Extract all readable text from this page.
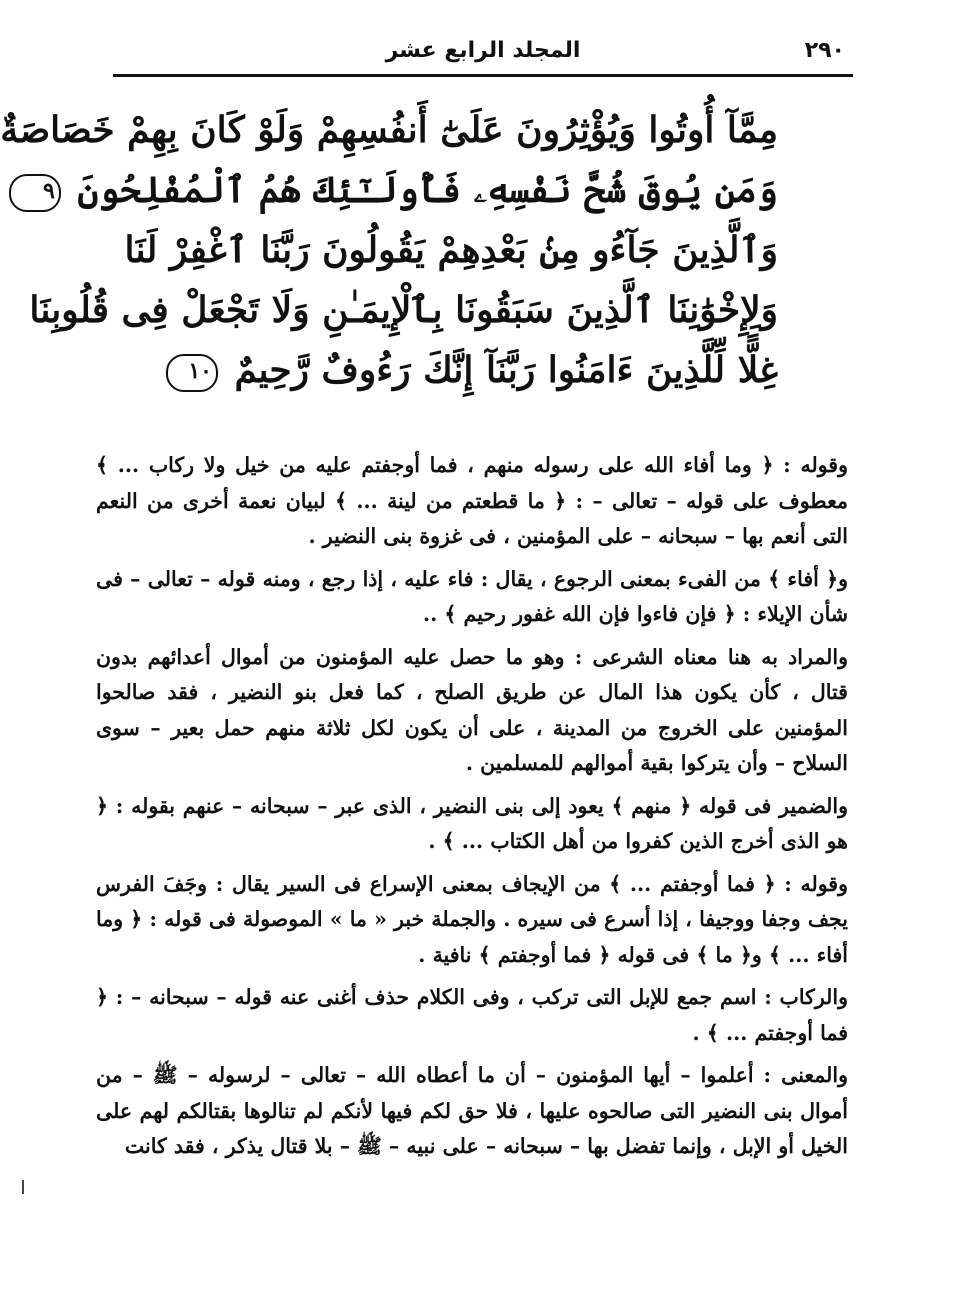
٢٩٠
المجلد الرابع عشر
مِمَّآ أُوتُوا وَيُؤْثِرُونَ عَلَىٰٓ أَنفُسِهِمْ وَلَوْ كَانَ بِهِمْ خَصَاصَةٌ
وَمَن يُوقَ شُحَّ نَفْسِهِۦ فَأُولَـٰٓئِكَ هُمُ ٱلْمُفْلِحُونَ ٩
وَٱلَّذِينَ جَآءُو مِنۢ بَعْدِهِمْ يَقُولُونَ رَبَّنَا ٱغْفِرْ لَنَا
وَلِإِخْوَٰنِنَا ٱلَّذِينَ سَبَقُونَا بِٱلْإِيمَـٰنِ وَلَا تَجْعَلْ فِى قُلُوبِنَا
غِلًّا لِّلَّذِينَ ءَامَنُوا رَبَّنَآ إِنَّكَ رَءُوفٌ رَّحِيمٌ ١٠

وقوله : ﴿ وما أفاء الله على رسوله منهم ، فما أوجفتم عليه من خيل ولا ركاب ... ﴾ معطوف على قوله – تعالى – : ﴿ ما قطعتم من لينة ... ﴾ لبيان نعمة أخرى من النعم التى أنعم بها – سبحانه – على المؤمنين ، فى غزوة بنى النضير .

و﴿ أفاء ﴾ من الفىء بمعنى الرجوع ، يقال : فاء عليه ، إذا رجع ، ومنه قوله – تعالى – فى شأن الإيلاء : ﴿ فإن فاءوا فإن الله غفور رحيم ﴾ ..

والمراد به هنا معناه الشرعى : وهو ما حصل عليه المؤمنون من أموال أعدائهم بدون قتال ، كأن يكون هذا المال عن طريق الصلح ، كما فعل بنو النضير ، فقد صالحوا المؤمنين على الخروج من المدينة ، على أن يكون لكل ثلاثة منهم حمل بعير – سوى السلاح – وأن يتركوا بقية أموالهم للمسلمين .

والضمير فى قوله ﴿ منهم ﴾ يعود إلى بنى النضير ، الذى عبر – سبحانه – عنهم بقوله : ﴿ هو الذى أخرج الذين كفروا من أهل الكتاب ... ﴾ .

وقوله : ﴿ فما أوجفتم ... ﴾ من الإيجاف بمعنى الإسراع فى السير يقال : وجَفَ الفرس يجف وجفا ووجيفا ، إذا أسرع فى سيره . والجملة خبر « ما » الموصولة فى قوله : ﴿ وما أفاء ... ﴾ و﴿ ما ﴾ فى قوله ﴿ فما أوجفتم ﴾ نافية .

والركاب : اسم جمع للإبل التى تركب ، وفى الكلام حذف أغنى عنه قوله – سبحانه – : ﴿ فما أوجفتم ... ﴾ .

والمعنى : أعلموا – أيها المؤمنون – أن ما أعطاه الله – تعالى – لرسوله – ﷺ – من أموال بنى النضير التى صالحوه عليها ، فلا حق لكم فيها لأنكم لم تنالوها بقتالكم لهم على الخيل أو الإبل ، وإنما تفضل بها – سبحانه – على نبيه – ﷺ – بلا قتال يذكر ، فقد كانت
